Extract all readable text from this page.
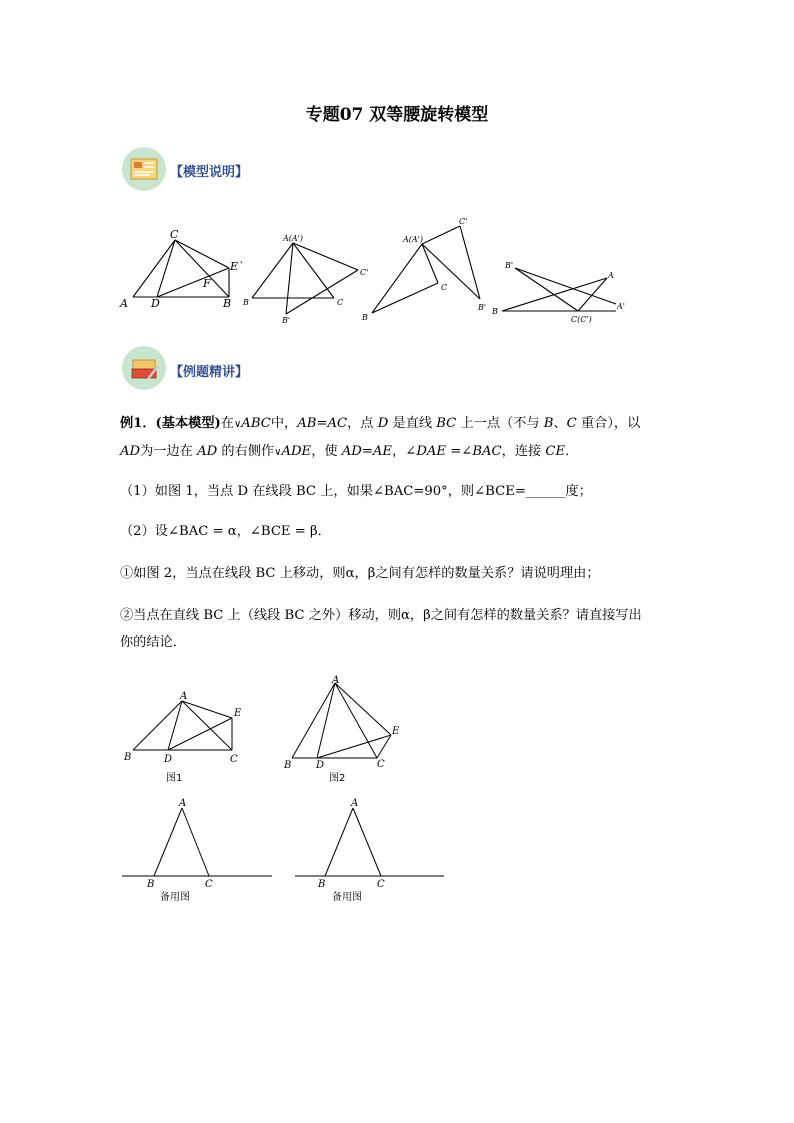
专题07 双等腰旋转模型
【模型说明】
C
E '
F
A D	B
A(A')
C'
B	C
B'
A(A')
C'
C
B
B'
B'
A
A'
B
C(C')
【例题精讲】
例1．(基本模型)在∨ABC中，AB=AC，点 D 是直线 BC 上一点（不与 B、C 重合），以
AD为一边在 AD 的右侧作∨ADE，使 AD=AE，∠DAE =∠BAC，连接 CE．
（1）如图 1，当点 D 在线段 BC 上，如果∠BAC=90°，则∠BCE=______度；
（2）设∠BAC = α，∠BCE = β．
①如图 2，当点在线段 BC 上移动，则α，β之间有怎样的数量关系？请说明理由；
②当点在直线 BC 上（线段 BC 之外）移动，则α，β之间有怎样的数量关系？请直接写出
你的结论．
A
E
B	D	C
图1
A
E
B D	C
图2
A
B	C
备用图
A
B	C
备用图
